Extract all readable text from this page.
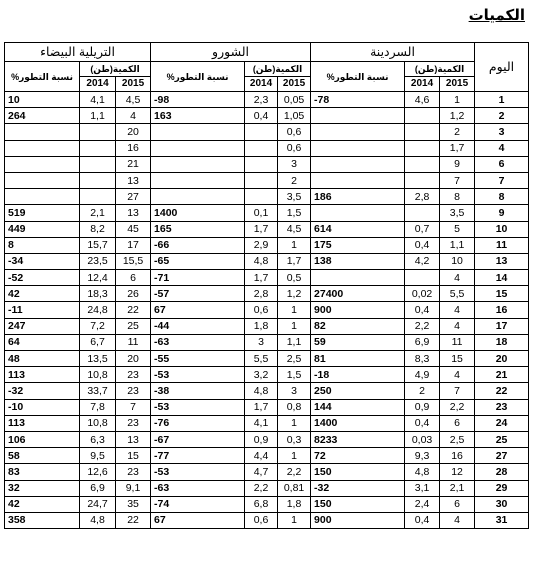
الكميات
اليوم	السردينة			الشورو			التريلية البيضاء		
	الكمية(طن)		نسبة التطور%	الكمية(طن)		نسبة التطور%	الكمية(طن)		نسبة التطور%
	2015	2014		2015	2014		2015	2014	
1	1	4,6	-78	0,05	2,3	-98	4,5	4,1	10
2	1,2			1,05	0,4	163	4	1,1	264
3	2			0,6			20		
4	1,7			0,6			16		
6	9			3			21		
7	7			2			13		
8	8	2,8	186	3,5			27		
9	3,5			1,5	0,1	1400	13	2,1	519
10	5	0,7	614	4,5	1,7	165	45	8,2	449
11	1,1	0,4	175	1	2,9	-66	17	15,7	8
13	10	4,2	138	1,7	4,8	-65	15,5	23,5	-34
14	4			0,5	1,7	-71	6	12,4	-52
15	5,5	0,02	27400	1,2	2,8	-57	26	18,3	42
16	4	0,4	900	1	0,6	67	22	24,8	-11
17	4	2,2	82	1	1,8	-44	25	7,2	247
18	11	6,9	59	1,1	3	-63	11	6,7	64
20	15	8,3	81	2,5	5,5	-55	20	13,5	48
21	4	4,9	-18	1,5	3,2	-53	23	10,8	113
22	7	2	250	3	4,8	-38	23	33,7	-32
23	2,2	0,9	144	0,8	1,7	-53	7	7,8	-10
24	6	0,4	1400	1	4,1	-76	23	10,8	113
25	2,5	0,03	8233	0,3	0,9	-67	13	6,3	106
27	16	9,3	72	1	4,4	-77	15	9,5	58
28	12	4,8	150	2,2	4,7	-53	23	12,6	83
29	2,1	3,1	-32	0,81	2,2	-63	9,1	6,9	32
30	6	2,4	150	1,8	6,8	-74	35	24,7	42
31	4	0,4	900	1	0,6	67	22	4,8	358
